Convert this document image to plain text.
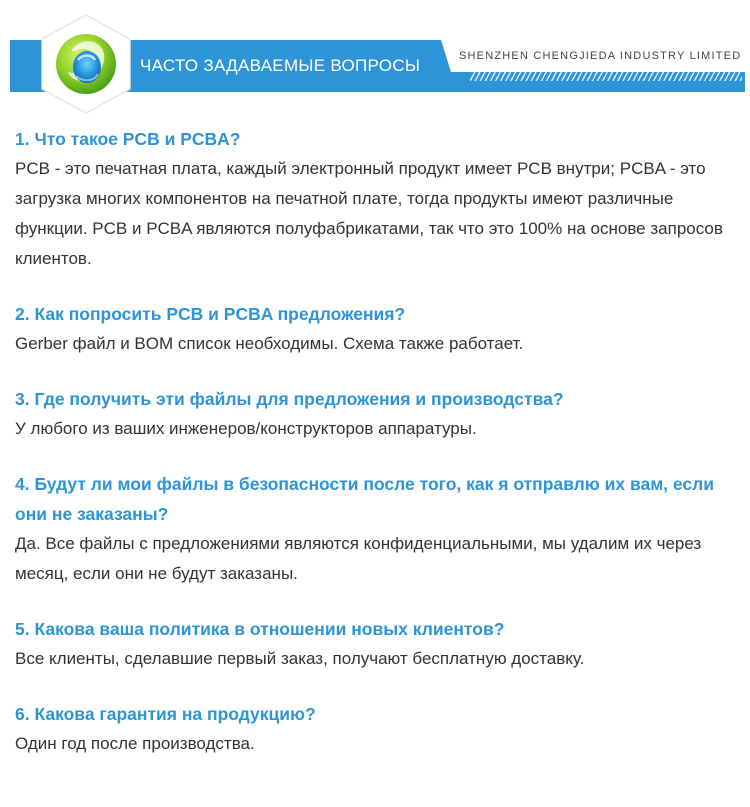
SHENZHEN CHENGJIEDA INDUSTRY LIMITED
ЧАСТО ЗАДАВАЕМЫЕ ВОПРОСЫ

1. Что такое PCB и PCBA?

PCB - это печатная плата, каждый электронный продукт имеет PCB внутри; PCBA - это загрузка многих компонентов на печатной плате, тогда продукты имеют различные функции. PCB и PCBA являются полуфабрикатами, так что это 100% на основе запросов клиентов.

2. Как попросить PCB и PCBA предложения?

Gerber файл и BOM список необходимы. Схема также работает.

3. Где получить эти файлы для предложения и производства?

У любого из ваших инженеров/конструкторов аппаратуры.

4. Будут ли мои файлы в безопасности после того, как я отправлю их вам, если они не заказаны?

Да. Все файлы с предложениями являются конфиденциальными, мы удалим их через месяц, если они не будут заказаны.

5. Какова ваша политика в отношении новых клиентов?

Все клиенты, сделавшие первый заказ, получают бесплатную доставку.

6. Какова гарантия на продукцию?

Один год после производства.
